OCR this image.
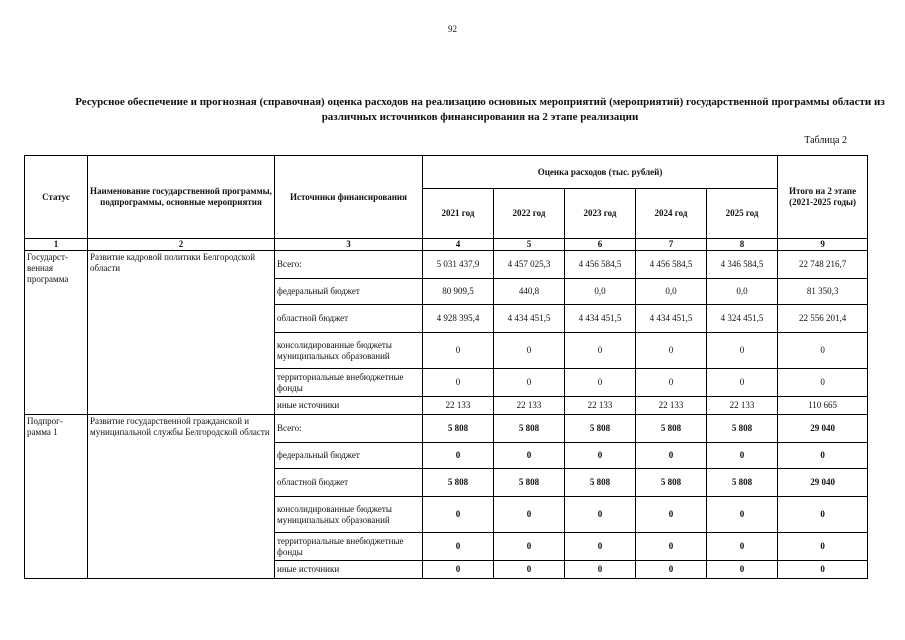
92
Ресурсное обеспечение и прогнозная (справочная) оценка расходов на реализацию основных мероприятий (мероприятий) государственной программы области из различных источников финансирования на 2 этапе реализации
Таблица 2
Статус	Наименование государственной программы, подпрограммы, основные мероприятия	Источники финансирования	Оценка расходов (тыс. рублей)					Итого на 2 этапе (2021-2025 годы)
			2021 год	2022 год	2023 год	2024 год	2025 год	
1	2	3	4	5	6	7	8	9
Государст-венная программа	Развитие кадровой политики Белгородской области	Всего:	5 031 437,9	4 457 025,3	4 456 584,5	4 456 584,5	4 346 584,5	22 748 216,7
		федеральный бюджет	80 909,5	440,8	0,0	0,0	0,0	81 350,3
		областной бюджет	4 928 395,4	4 434 451,5	4 434 451,5	4 434 451,5	4 324 451,5	22 556 201,4
		консолидированные бюджеты муниципальных образований	0	0	0	0	0	0
		территориальные внебюджетные фонды	0	0	0	0	0	0
		иные источники	22 133	22 133	22 133	22 133	22 133	110 665
Подпрог-рамма 1	Развитие государственной гражданской и муниципальной службы Белгородской области	Всего:	5 808	5 808	5 808	5 808	5 808	29 040
		федеральный бюджет	0	0	0	0	0	0
		областной бюджет	5 808	5 808	5 808	5 808	5 808	29 040
		консолидированные бюджеты муниципальных образований	0	0	0	0	0	0
		территориальные внебюджетные фонды	0	0	0	0	0	0
		иные источники	0	0	0	0	0	0
